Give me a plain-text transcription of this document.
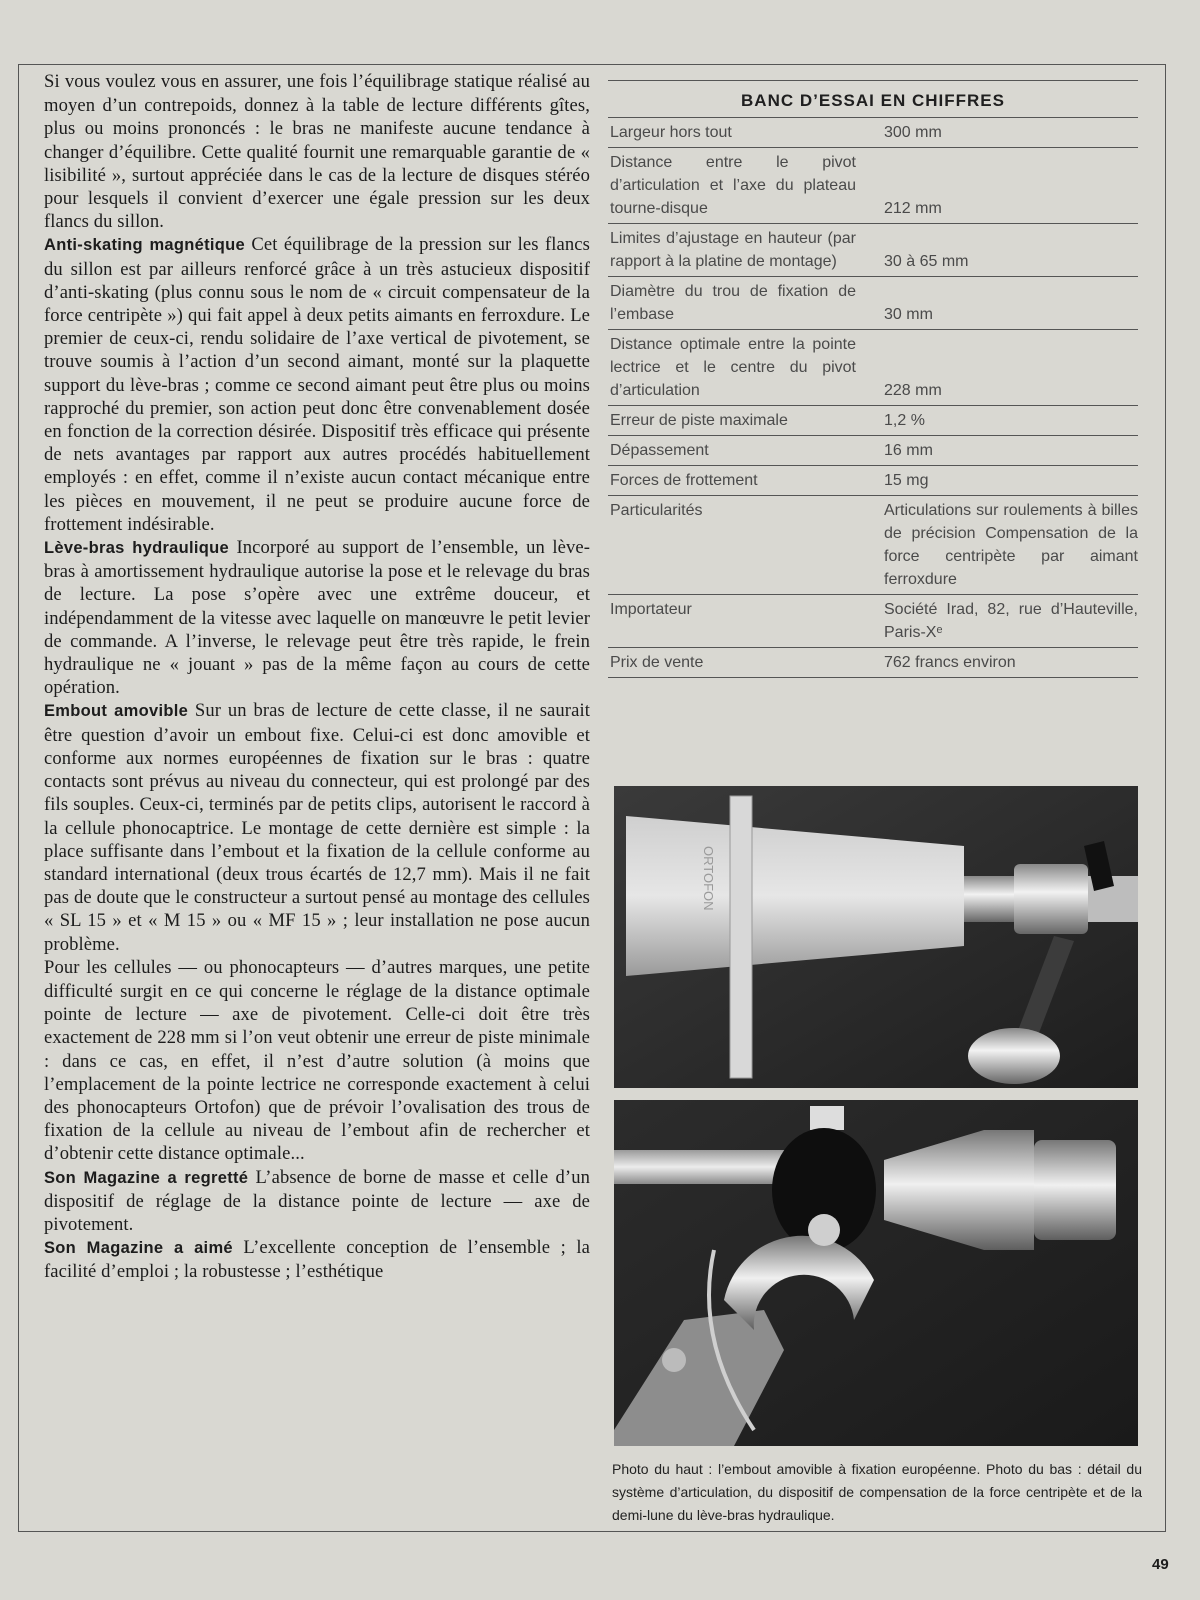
Si vous voulez vous en assurer, une fois l’équilibrage statique réalisé au moyen d’un contrepoids, donnez à la table de lecture différents gîtes, plus ou moins prononcés : le bras ne manifeste aucune tendance à changer d’équilibre. Cette qualité fournit une remarquable garantie de « lisibilité », surtout appréciée dans le cas de la lecture de disques stéréo pour lesquels il convient d’exercer une égale pression sur les deux flancs du sillon.

Anti-skating magnétique Cet équilibrage de la pression sur les flancs du sillon est par ailleurs renforcé grâce à un très astucieux dispositif d’anti-skating (plus connu sous le nom de « circuit compensateur de la force centripète ») qui fait appel à deux petits aimants en ferroxdure. Le premier de ceux-ci, rendu solidaire de l’axe vertical de pivotement, se trouve soumis à l’action d’un second aimant, monté sur la plaquette support du lève-bras ; comme ce second aimant peut être plus ou moins rapproché du premier, son action peut donc être convenablement dosée en fonction de la correction désirée. Dispositif très efficace qui présente de nets avantages par rapport aux autres procédés habituellement employés : en effet, comme il n’existe aucun contact mécanique entre les pièces en mouvement, il ne peut se produire aucune force de frottement indésirable.

Lève-bras hydraulique Incorporé au support de l’ensemble, un lève-bras à amortissement hydraulique autorise la pose et le relevage du bras de lecture. La pose s’opère avec une extrême douceur, et indépendamment de la vitesse avec laquelle on manœuvre le petit levier de commande. A l’inverse, le relevage peut être très rapide, le frein hydraulique ne « jouant » pas de la même façon au cours de cette opération.

Embout amovible Sur un bras de lecture de cette classe, il ne saurait être question d’avoir un embout fixe. Celui-ci est donc amovible et conforme aux normes européennes de fixation sur le bras : quatre contacts sont prévus au niveau du connecteur, qui est prolongé par des fils souples. Ceux-ci, terminés par de petits clips, autorisent le raccord à la cellule phonocaptrice. Le montage de cette dernière est simple : la place suffisante dans l’embout et la fixation de la cellule conforme au standard international (deux trous écartés de 12,7 mm). Mais il ne fait pas de doute que le constructeur a surtout pensé au montage des cellules « SL 15 » et « M 15 » ou « MF 15 » ; leur installation ne pose aucun problème.

Pour les cellules — ou phonocapteurs — d’autres marques, une petite difficulté surgit en ce qui concerne le réglage de la distance optimale pointe de lecture — axe de pivotement. Celle-ci doit être très exactement de 228 mm si l’on veut obtenir une erreur de piste minimale : dans ce cas, en effet, il n’est d’autre solution (à moins que l’emplacement de la pointe lectrice ne corresponde exactement à celui des phonocapteurs Ortofon) que de prévoir l’ovalisation des trous de fixation de la cellule au niveau de l’embout afin de rechercher et d’obtenir cette distance optimale...

Son Magazine a regretté L’absence de borne de masse et celle d’un dispositif de réglage de la distance pointe de lecture — axe de pivotement.

Son Magazine a aimé L’excellente conception de l’ensemble ; la facilité d’emploi ; la robustesse ; l’esthétique

BANC D’ESSAI EN CHIFFRES
Largeur hors tout	300 mm
Distance entre le pivot d’articulation et l’axe du plateau tourne-disque	212 mm
Limites d’ajustage en hauteur (par rapport à la platine de montage)	30 à 65 mm
Diamètre du trou de fixation de l’embase	30 mm
Distance optimale entre la pointe lectrice et le centre du pivot d’articulation	228 mm
Erreur de piste maximale	1,2 %
Dépassement	16 mm
Forces de frottement	15 mg
Particularités	Articulations sur roulements à billes de précision Compensation de la force centripète par aimant ferroxdure
Importateur	Société Irad, 82, rue d’Hauteville, Paris-Xᵉ
Prix de vente	762 francs environ
ORTOFON
Photo du haut : l’embout amovible à fixation européenne. Photo du bas : détail du système d’articulation, du dispositif de compensation de la force centripète et de la demi-lune du lève-bras hydraulique.
49
